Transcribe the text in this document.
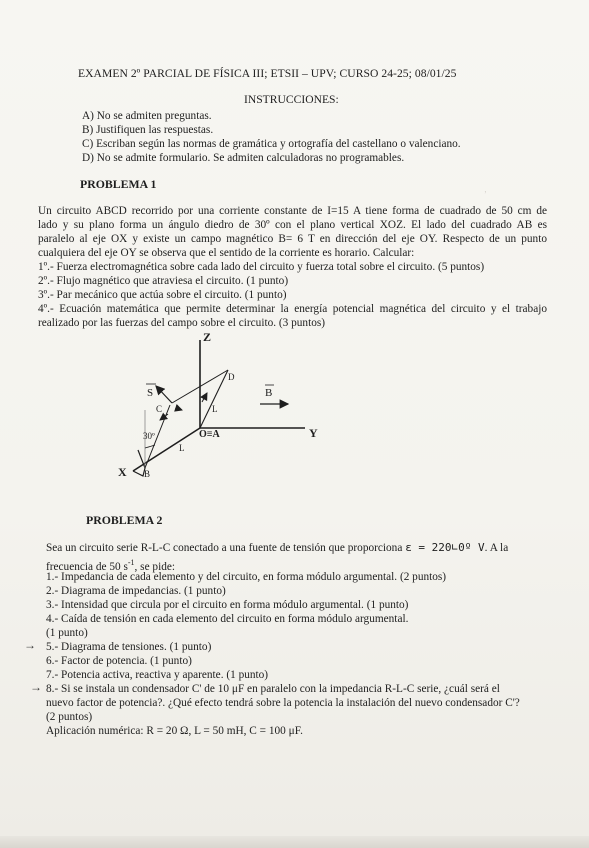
EXAMEN 2º PARCIAL DE FÍSICA III; ETSII – UPV; CURSO 24-25; 08/01/25
INSTRUCCIONES:
A) No se admiten preguntas.
B) Justifiquen las respuestas.
C) Escriban según las normas de gramática y ortografía del castellano o valenciano.
D) No se admite formulario. Se admiten calculadoras no programables.
PROBLEMA 1	,
Un circuito ABCD recorrido por una corriente constante de I=15 A tiene forma de cuadrado de 50 cm de
lado y su plano forma un ángulo diedro de 30º con el plano vertical XOZ. El lado del cuadrado AB es
paralelo al eje OX y existe un campo magnético B= 6 T en dirección del eje OY. Respecto de un punto
cualquiera del eje OY se observa que el sentido de la corriente es horario. Calcular:
1º.- Fuerza electromagnética sobre cada lado del circuito y fuerza total sobre el circuito. (5 puntos)
2º.- Flujo magnético que atraviesa el circuito. (1 punto)
3º.- Par mecánico que actúa sobre el circuito. (1 punto)
4º.- Ecuación matemática que permite determinar la energía potencial magnética del circuito y el trabajo
realizado por las fuerzas del campo sobre el circuito. (3 puntos)
Z
Y
X
S	B
C
D
O≡A
B
L
L
30º
PROBLEMA 2
Sea un circuito serie R-L-C conectado a una fuente de tensión que proporciona ε = 220∟0º V. A la
frecuencia de 50 $s^{-1}$, se pide:
1.- Impedancia de cada elemento y del circuito, en forma módulo argumental. (2 puntos)
2.- Diagrama de impedancias. (1 punto)
3.- Intensidad que circula por el circuito en forma módulo argumental. (1 punto)
4.- Caída de tensión en cada elemento del circuito en forma módulo argumental.
(1 punto)
→ 5.- Diagrama de tensiones. (1 punto)
6.- Factor de potencia. (1 punto)
7.- Potencia activa, reactiva y aparente. (1 punto)
→ 8.- Si se instala un condensador C' de 10 μF en paralelo con la impedancia R-L-C serie, ¿cuál será el
nuevo factor de potencia?. ¿Qué efecto tendrá sobre la potencia la instalación del nuevo condensador C'?
(2 puntos)
Aplicación numérica: R = 20 Ω, L = 50 mH, C = 100 μF.
